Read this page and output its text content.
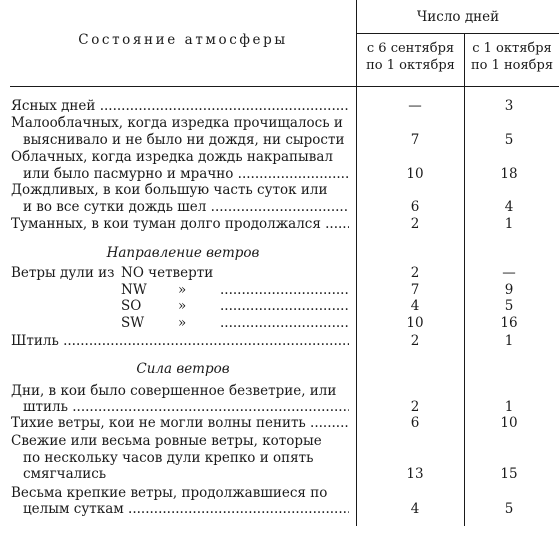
Состояние атмосферы
Число дней
с 6 сентября
по 1 октября
с 1 октября
по 1 ноября
Ясных дней .....	—	3
Малооблачных, когда изредка прочищалось и
выяснивало и не было ни дождя, ни сырости	7	5
Облачных, когда изредка дождь накрапывал
или было пасмурно и мрачно .....	10	18
Дождливых, в кои большую часть суток или
и во все сутки дождь шел .....	6	4
Туманных, в кои туман долго продолжался .....	2	1
Направление ветров
Ветры дули из NO четверти	2	—
NW » .....	7	9
SO	» .....	4	5
SW	» .....	10	16
Штиль .....	2	1
Сила ветров
Дни, в кои было совершенное безветрие, или
штиль .....	2	1
Тихие ветры, кои не могли волны пенить .....	6	10
Свежие или весьма ровные ветры, которые
по нескольку часов дули крепко и опять
смягчались	13	15
Весьма крепкие ветры, продолжавшиеся по
целым суткам .....	4	5
